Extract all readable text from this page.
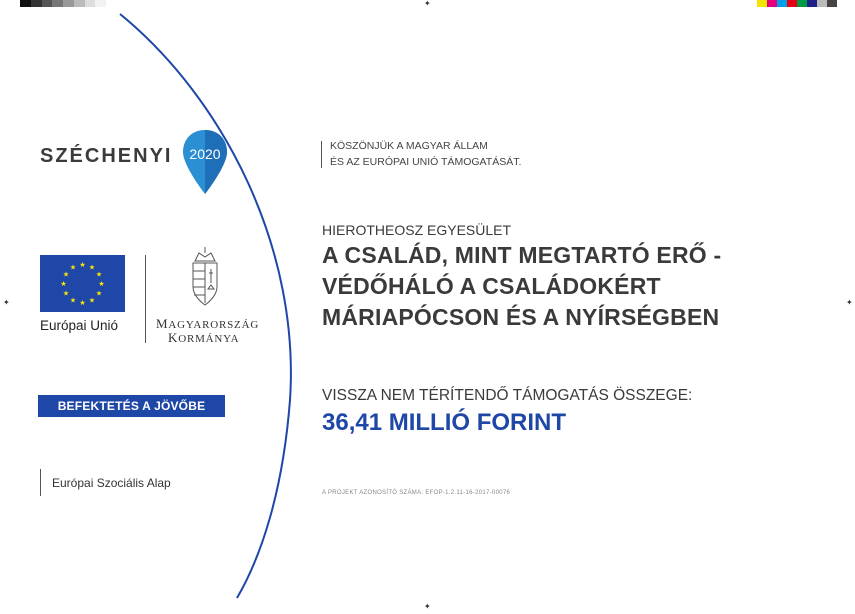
✦
✦
✦	✦
SZÉCHENYI 2020
★ ★
★
★
★
★
★
★
★
★
★
★
Európai Unió	MAGYARORSZÁG
KORMÁNYA
BEFEKTETÉS A JÖVŐBE
Európai Szociális Alap
KÖSZÖNJÜK A MAGYAR ÁLLAM
ÉS AZ EURÓPAI UNIÓ TÁMOGATÁSÁT.
HIEROTHEOSZ EGYESÜLET
A CSALÁD, MINT MEGTARTÓ ERŐ -
VÉDŐHÁLÓ A CSALÁDOKÉRT
MÁRIAPÓCSON ÉS A NYÍRSÉGBEN
VISSZA NEM TÉRÍTENDŐ TÁMOGATÁS ÖSSZEGE:
36,41 MILLIÓ FORINT
A PROJEKT AZONOSÍTÓ SZÁMA: EFOP-1.2.11-16-2017-00076
